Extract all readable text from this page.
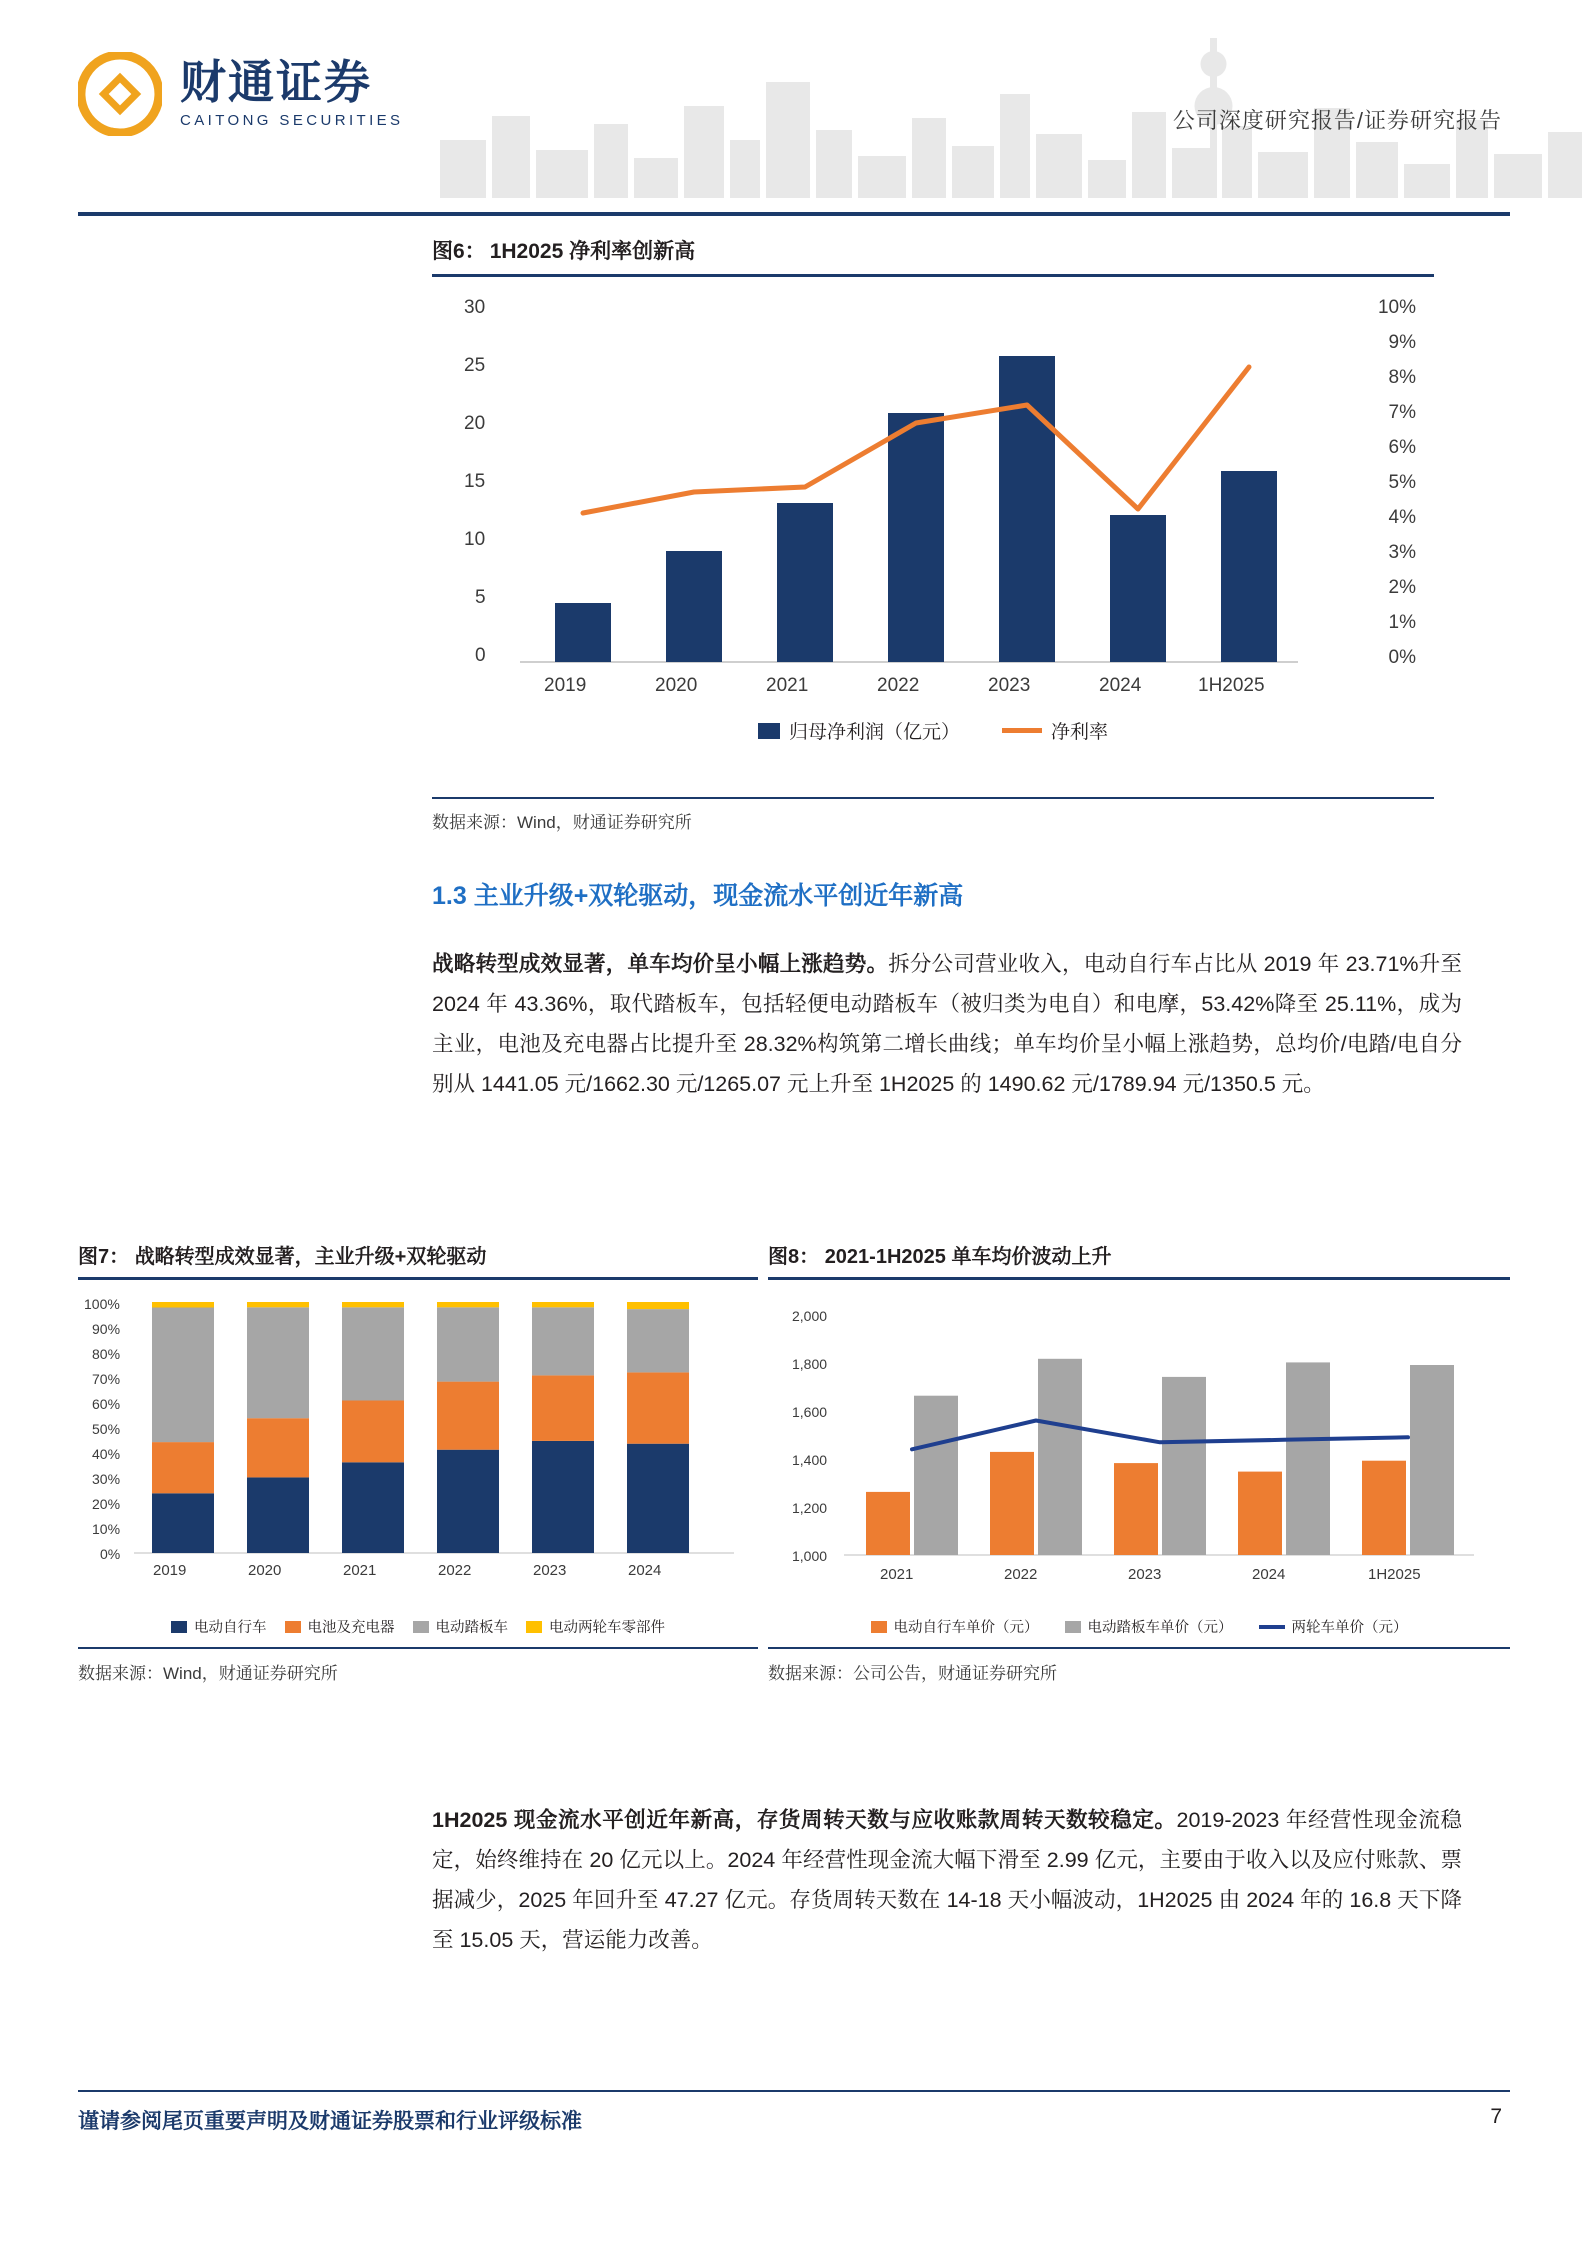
财通证券
CAITONG SECURITIES	公司深度研究报告/证券研究报告
图6： 1H2025 净利率创新高
30
25
20
15
10
5
0
10%
9%
8%
7%
6%
5%
4%
3%
2%
1%
0%
2019	2020	2021	2022	2023	2024	1H2025
归母净利润（亿元）	净利率
数据来源：Wind，财通证券研究所
1.3 主业升级+双轮驱动，现金流水平创近年新高
战略转型成效显著，单车均价呈小幅上涨趋势。拆分公司营业收入，电动自行车占比从 2019 年 23.71%升至 2024 年 43.36%，取代踏板车，包括轻便电动踏板车（被归类为电自）和电摩，53.42%降至 25.11%，成为主业，电池及充电器占比提升至 28.32%构筑第二增长曲线；单车均价呈小幅上涨趋势，总均价/电踏/电自分别从 1441.05 元/1662.30 元/1265.07 元上升至 1H2025 的 1490.62 元/1789.94 元/1350.5 元。
图7： 战略转型成效显著，主业升级+双轮驱动
100%
90%
80%
70%
60%
50%
40%
30%
20%
10%
0%
2019	2020	2021	2022	2023	2024
电动自行车	电池及充电器	电动踏板车	电动两轮车零部件
数据来源：Wind，财通证券研究所
图8： 2021-1H2025 单车均价波动上升
2,000
1,800
1,600
1,400
1,200
1,000
2021	2022	2023	2024	1H2025
电动自行车单价（元）	电动踏板车单价（元）	两轮车单价（元）
数据来源：公司公告，财通证券研究所
1H2025 现金流水平创近年新高，存货周转天数与应收账款周转天数较稳定。2019-2023 年经营性现金流稳定，始终维持在 20 亿元以上。2024 年经营性现金流大幅下滑至 2.99 亿元，主要由于收入以及应付账款、票据减少，2025 年回升至 47.27 亿元。存货周转天数在 14-18 天小幅波动，1H2025 由 2024 年的 16.8 天下降至 15.05 天，营运能力改善。
谨请参阅尾页重要声明及财通证券股票和行业评级标准	7
